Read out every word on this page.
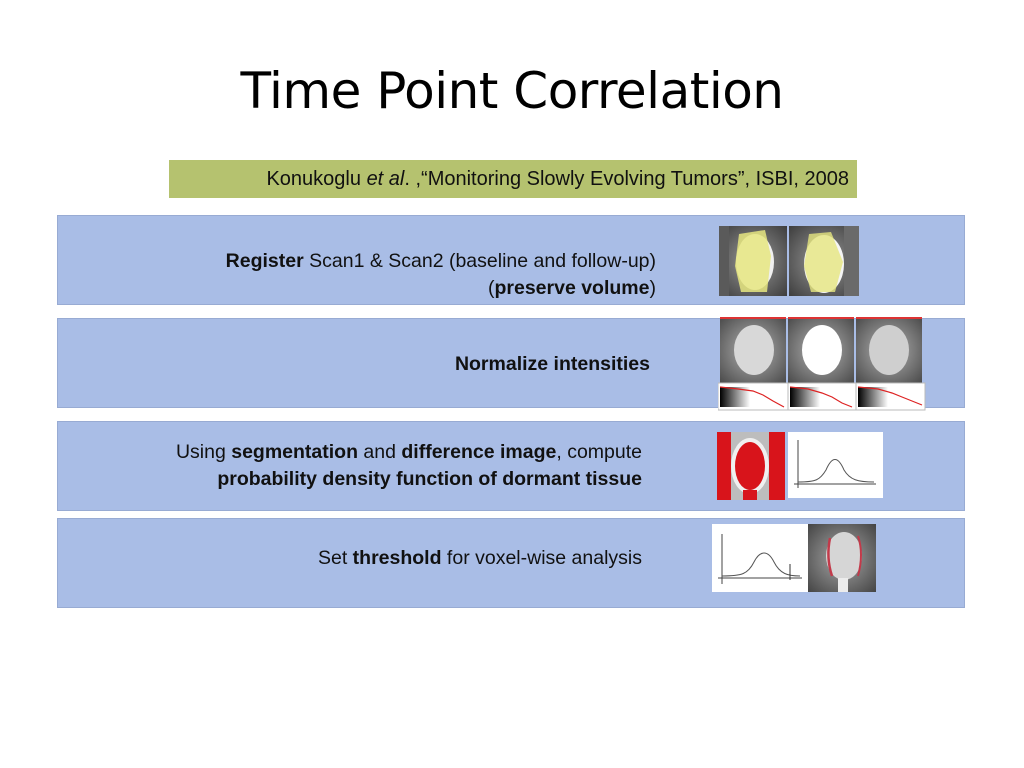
Time Point Correlation
Konukoglu et al. ,“Monitoring Slowly Evolving Tumors”, ISBI, 2008
Register Scan1 & Scan2 (baseline and follow-up)
(preserve volume)
Normalize intensities
Using segmentation and difference image, compute
probability density function of dormant tissue
Set threshold for voxel-wise analysis
